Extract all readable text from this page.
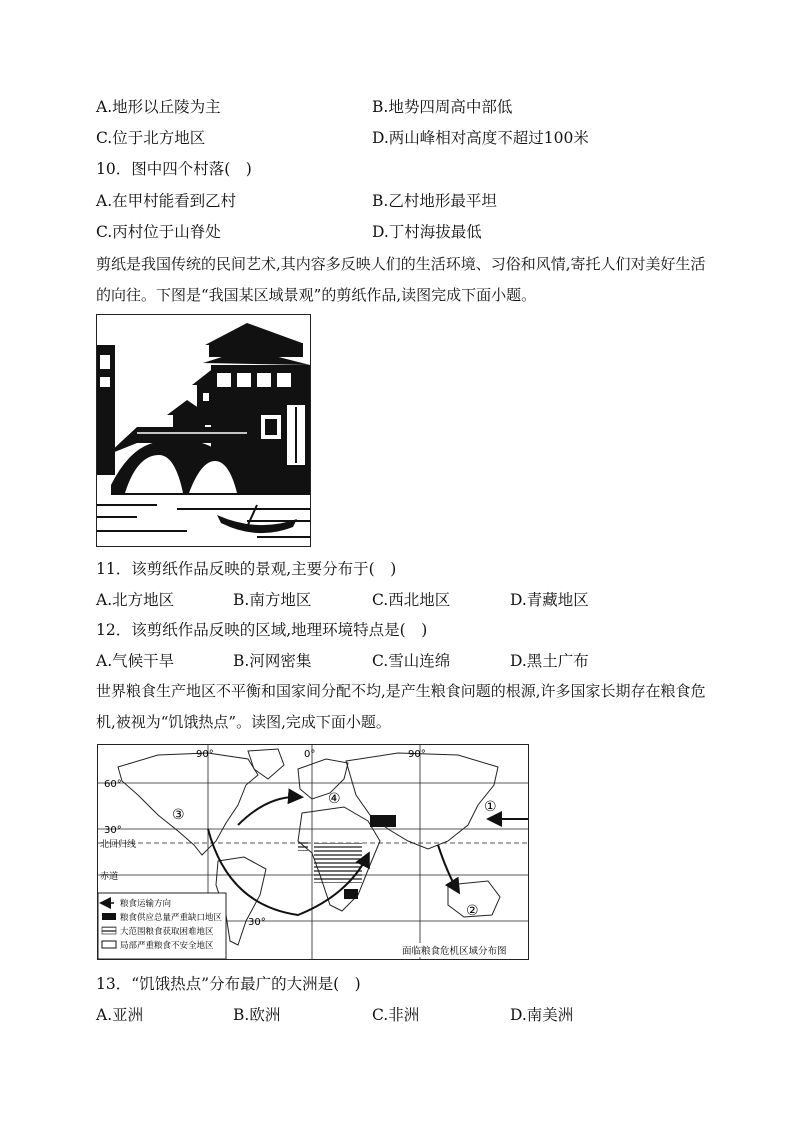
A.地形以丘陵为主	B.地势四周高中部低
C.位于北方地区	D.两山峰相对高度不超过100米
10．图中四个村落(　)
A.在甲村能看到乙村	B.乙村地形最平坦
C.丙村位于山脊处	D.丁村海拔最低
剪纸是我国传统的民间艺术,其内容多反映人们的生活环境、习俗和风情,寄托人们对美好生活的向往。下图是“我国某区域景观”的剪纸作品,读图完成下面小题。
11．该剪纸作品反映的景观,主要分布于(　)
A.北方地区	B.南方地区	C.西北地区	D.青藏地区
12．该剪纸作品反映的区域,地理环境特点是(　)
A.气候干旱	B.河网密集	C.雪山连绵	D.黑土广布
世界粮食生产地区不平衡和国家间分配不均,是产生粮食问题的根源,许多国家长期存在粮食危机,被视为“饥饿热点”。读图,完成下面小题。
90°	0°	90°
60°
30°
30°
北回归线
赤道
①
②
③
④
粮食运输方向
粮食供应总量严重缺口地区
大范围粮食获取困难地区
局部严重粮食不安全地区	面临粮食危机区域分布图
13．“饥饿热点”分布最广的大洲是(　)
A.亚洲	B.欧洲	C.非洲	D.南美洲
